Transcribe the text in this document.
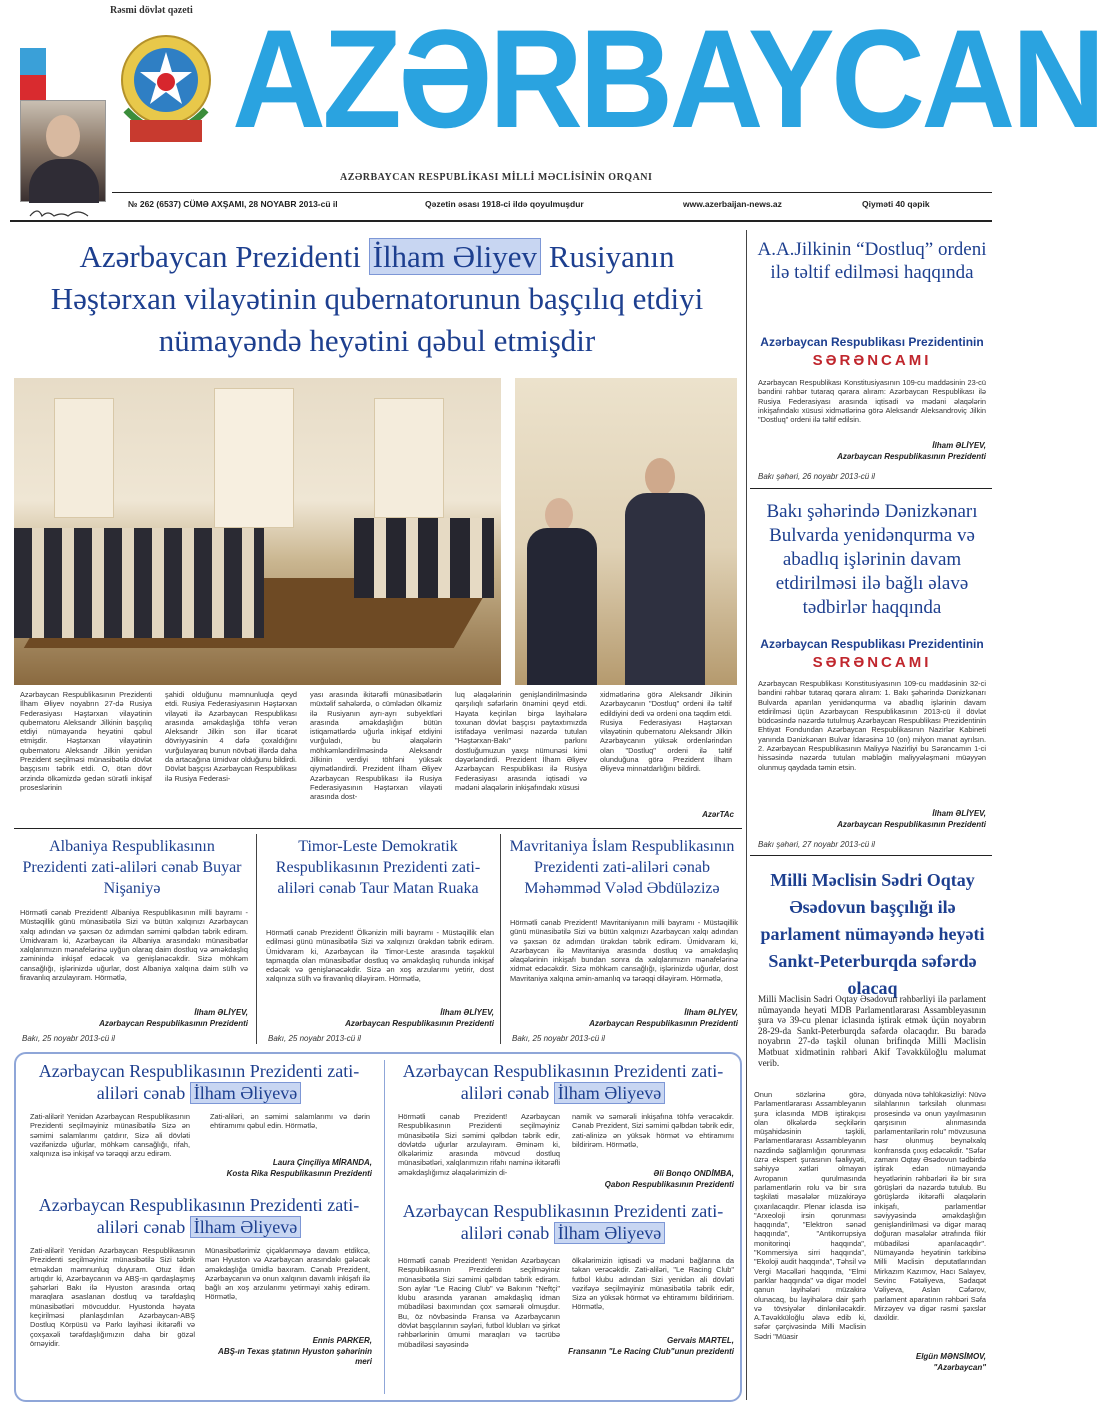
Rəsmi dövlət qəzeti AZƏRBAYCAN
AZƏRBAYCAN RESPUBLİKASI MİLLİ MƏCLİSİNİN ORQANI
№ 262 (6537) CÜMƏ AXŞAMI, 28 NOYABR 2013-cü il	Qəzetin əsası 1918-ci ildə qoyulmuşdur	www.azerbaijan-news.az	Qiyməti 40 qəpik
Azərbaycan Prezidenti İlham Əliyev Rusiyanın Həştərxan vilayətinin qubernatorunun başçılıq etdiyi nümayəndə heyətini qəbul etmişdir
Azərbaycan Respublikasının Prezidenti İlham Əliyev noyabrın 27-də Rusiya Federasiyası Həştərxan vilayətinin qubernatoru Aleksandr Jilkinin başçılıq etdiyi nümayəndə heyətini qəbul etmişdir. Həştərxan vilayətinin qubernatoru Aleksandr Jilkin yenidən Prezident seçilməsi münasibətilə dövlət başçısını təbrik etdi. O, ötən dövr ərzində ölkəmizdə gedən sürətli inkişaf proseslərinin
şahidi olduğunu məmnunluqla qeyd etdi. Rusiya Federasiyasının Həştərxan vilayəti ilə Azərbaycan Respublikası arasında əməkdaşlığa töhfə verən Aleksandr Jilkin son illər ticarət dövriyyəsinin 4 dəfə çoxaldığını vurğulayaraq bunun növbəti illərdə daha da artacağına ümidvar olduğunu bildirdi. Dövlət başçısı Azərbaycan Respublikası ilə Rusiya Federasi-
yası arasında ikitərəfli münasibətlərin müxtəlif sahələrdə, o cümlədən ölkəmiz ilə Rusiyanın ayrı-ayrı subyektləri arasında əməkdaşlığın bütün istiqamətlərdə uğurla inkişaf etdiyini vurğuladı, bu əlaqələrin möhkəmləndirilməsində Aleksandr Jilkinin verdiyi töhfəni yüksək qiymətləndirdi. Prezident İlham Əliyev Azərbaycan Respublikası ilə Rusiya Federasiyasının Həştərxan vilayəti arasında dost-
luq əlaqələrinin genişləndirilməsində qarşılıqlı səfərlərin önəmini qeyd etdi. Həyata keçirilən birgə layihələrə toxunan dövlət başçısı paytaxtımızda istifadəyə verilməsi nəzərdə tutulan "Həştərxan-Bakı" parkını dostluğumuzun yaxşı nümunəsi kimi dəyərləndirdi. Prezident İlham Əliyev Azərbaycan Respublikası ilə Rusiya Federasiyası arasında iqtisadi və mədəni əlaqələrin inkişafındakı xüsusi
xidmətlərinə görə Aleksandr Jilkinin Azərbaycanın "Dostluq" ordeni ilə təltif edildiyini dedi və ordeni ona təqdim etdi. Rusiya Federasiyası Həştərxan vilayətinin qubernatoru Aleksandr Jilkin Azərbaycanın yüksək ordenlərindən olan "Dostluq" ordeni ilə təltif olunduğuna görə Prezident İlham Əliyevə minnətdarlığını bildirdi.
AzərTAc
A.A.Jilkinin “Dostluq” ordeni ilə təltif edilməsi haqqında
Azərbaycan Respublikası Prezidentinin
SƏRƏNCAMI
Azərbaycan Respublikası Konstitusiyasının 109-cu maddəsinin 23-cü bəndini rəhbər tutaraq qərara alıram: Azərbaycan Respublikası ilə Rusiya Federasiyası arasında iqtisadi və mədəni əlaqələrin inkişafındakı xüsusi xidmətlərinə görə Aleksandr Aleksandroviç Jilkin "Dostluq" ordeni ilə təltif edilsin.
İlham ƏLİYEV,
Azərbaycan Respublikasının Prezidenti
Bakı şəhəri, 26 noyabr 2013-cü il
Bakı şəhərində Dənizkənarı Bulvarda yenidənqurma və abadlıq işlərinin davam etdirilməsi ilə bağlı əlavə tədbirlər haqqında
Azərbaycan Respublikası Prezidentinin
SƏRƏNCAMI
Azərbaycan Respublikası Konstitusiyasının 109-cu maddəsinin 32-ci bəndini rəhbər tutaraq qərara alıram: 1. Bakı şəhərində Dənizkənarı Bulvarda aparılan yenidənqurma və abadlıq işlərinin davam etdirilməsi üçün Azərbaycan Respublikasının 2013-cü il dövlət büdcəsində nəzərdə tutulmuş Azərbaycan Respublikası Prezidentinin Ehtiyat Fondundan Azərbaycan Respublikasının Nazirlər Kabineti yanında Dənizkənarı Bulvar İdarəsinə 10 (on) milyon manat ayrılsın. 2. Azərbaycan Respublikasının Maliyyə Nazirliyi bu Sərəncamın 1-ci hissəsində nəzərdə tutulan məbləğin maliyyələşməni müəyyən olunmuş qaydada təmin etsin.
İlham ƏLİYEV,
Azərbaycan Respublikasının Prezidenti
Bakı şəhəri, 27 noyabr 2013-cü il
Milli Məclisin Sədri Oqtay Əsədovun başçılığı ilə parlament nümayəndə heyəti Sankt-Peterburqda səfərdə olacaq
Milli Məclisin Sədri Oqtay Əsədovun rəhbərliyi ilə parlament nümayəndə heyəti MDB Parlamentlərarası Assambleyasının şura və 39-cu plenar iclasında iştirak etmək üçün noyabrın 28-29-da Sankt-Peterburqda səfərdə olacaqdır. Bu barədə noyabrın 27-də təşkil olunan brifinqdə Milli Məclisin Mətbuat xidmətinin rəhbəri Akif Təvəkküloğlu məlumat verib.
Onun sözlərinə görə, Parlamentlərarası Assambleyanın şura iclasında MDB iştirakçısı olan ölkələrdə seçkilərin müşahidəsinin təşkili, Parlamentlərarası Assambleyanın nəzdində sağlamlığın qorunması üzrə ekspert şurasının fəaliyyəti, səhiyyə xətləri olmayan Avropanın qurulmasında parlamentlərin rolu və bir sıra təşkilati məsələlər müzakirəyə çıxarılacaqdır. Plenar iclasda isə "Arxeoloji irsin qorunması haqqında", "Elektron sənəd haqqında", "Antikorrupsiya monitorinqi haqqında", "Kommersiya sirri haqqında", "Ekoloji audit haqqında", Təhsil və Vergi Məcəlləri haqqında, "Elmi parklar haqqında" və digər model qanun layihələri müzakirə olunacaq, bu layihələrə dair şərh və tövsiyələr dinləniləcəkdir. A.Təvəkküloğlu əlavə edib ki, səfər çərçivəsində Milli Məclisin Sədri "Müasir
dünyada nüvə təhlükəsizliyi: Nüvə silahlarının tərksilah olunması prosesində və onun yayılmasının qarşısının alınmasında parlamentarilərin rolu" mövzusuna həsr olunmuş beynəlxalq konfransda çıxış edəcəkdir. "Səfər zamanı Oqtay Əsədovun tədbirdə iştirak edən nümayəndə heyətlərinin rəhbərləri ilə bir sıra görüşləri də nəzərdə tutulub. Bu görüşlərdə ikitərəfli əlaqələrin inkişafı, parlamentlər səviyyəsində əməkdaşlığın genişləndirilməsi və digər maraq doğuran məsələlər ətrafında fikir mübadiləsi aparılacaqdır". Nümayəndə heyətinin tərkibinə Milli Məclisin deputatlarından Mirkazım Kazımov, Hacı Salayev, Sevinc Fətəliyeva, Sədaqət Vəliyeva, Aslan Cəfərov, parlament aparatının rəhbəri Səfa Mirzəyev və digər rəsmi şəxslər daxildir.
Elgün MƏNSİMOV,
"Azərbaycan"
Albaniya Respublikasının Prezidenti zati-aliləri cənab Buyar Nişaniyə
Hörmətli cənab Prezident! Albaniya Respublikasının milli bayramı - Müstəqillik günü münasibətilə Sizi və bütün xalqınızı Azərbaycan xalqı adından və şəxsən öz adımdan səmimi qəlbdən təbrik edirəm. Ümidvaram ki, Azərbaycan ilə Albaniya arasındakı münasibətlər xalqlarımızın mənafelərinə uyğun olaraq daim dostluq və əməkdaşlıq zəminində inkişaf edəcək və genişlənəcəkdir. Sizə möhkəm cansağlığı, işlərinizdə uğurlar, dost Albaniya xalqına daim sülh və firavanlıq arzulayıram. Hörmətlə,
İlham ƏLİYEV,
Azərbaycan Respublikasının Prezidenti
Bakı, 25 noyabr 2013-cü il
Timor-Leste Demokratik Respublikasının Prezidenti zati-aliləri cənab Taur Matan Ruaka
Hörmətli cənab Prezident! Ölkənizin milli bayramı - Müstəqillik elan edilməsi günü münasibətilə Sizi və xalqınızı ürəkdən təbrik edirəm. Ümidvaram ki, Azərbaycan ilə Timor-Leste arasında təşəkkül tapmaqda olan münasibətlər dostluq və əməkdaşlıq ruhunda inkişaf edəcək və genişlənəcəkdir. Sizə ən xoş arzularımı yetirir, dost xalqınıza sülh və firavanlıq diləyirəm. Hörmətlə,
İlham ƏLİYEV,
Azərbaycan Respublikasının Prezidenti
Bakı, 25 noyabr 2013-cü il
Mavritaniya İslam Respublikasının Prezidenti zati-aliləri cənab Məhəmməd Vələd Əbdüləzizə
Hörmətli cənab Prezident! Mavritaniyanın milli bayramı - Müstəqillik günü münasibətilə Sizi və bütün xalqınızı Azərbaycan xalqı adından və şəxsən öz adımdan ürəkdən təbrik edirəm. Ümidvaram ki, Azərbaycan ilə Mavritaniya arasında dostluq və əməkdaşlıq əlaqələrinin inkişafı bundan sonra da xalqlarımızın mənafelərinə xidmət edəcəkdir. Sizə möhkəm cansağlığı, işlərinizdə uğurlar, dost Mavritaniya xalqına əmin-amanlıq və tərəqqi diləyirəm. Hörmətlə,
İlham ƏLİYEV,
Azərbaycan Respublikasının Prezidenti
Bakı, 25 noyabr 2013-cü il
Azərbaycan Respublikasının Prezidenti zati-aliləri cənab İlham Əliyevə
Zati-aliləri! Yenidən Azərbaycan Respublikasının Prezidenti seçilməyiniz münasibətilə Sizə ən səmimi salamlarımı çatdırır, Sizə ali dövləti vəzifənizdə uğurlar, möhkəm cansağlığı, rifah, xalqınıza isə inkişaf və tərəqqi arzu edirəm.
Zati-aliləri, ən səmimi salamlarımı və dərin ehtiramımı qəbul edin. Hörmətlə,
Laura Çinçiliya MİRANDA,
Kosta Rika Respublikasının Prezidenti
Azərbaycan Respublikasının Prezidenti zati-aliləri cənab İlham Əliyevə
Hörmətli cənab Prezident! Azərbaycan Respublikasının Prezidenti seçilməyiniz münasibətilə Sizi səmimi qəlbdən təbrik edir, dövlətdə uğurlar arzulayıram. Əminəm ki, ölkələrimiz arasında mövcud dostluq münasibətləri, xalqlarımızın rifahı naminə ikitərəfli əməkdaşlığımız əlaqələrimizin di-
namik və səmərəli inkişafına töhfə verəcəkdir. Cənab Prezident, Sizi səmimi qəlbdən təbrik edir, zati-alinizə ən yüksək hörmət və ehtiramımı bildirirəm. Hörmətlə,
Əli Bonqo ONDİMBA,
Qabon Respublikasının Prezidenti
Azərbaycan Respublikasının Prezidenti zati-aliləri cənab İlham Əliyevə
Zati-aliləri! Yenidən Azərbaycan Respublikasının Prezidenti seçilməyiniz münasibətilə Sizi təbrik etməkdən məmnunluq duyuram. Otuz ildən artıqdır ki, Azərbaycanın və ABŞ-ın qardaşlaşmış şəhərləri Bakı ilə Hyuston arasında ortaq maraqlara əsaslanan dostluq və tərəfdaşlıq münasibətləri mövcuddur. Hyustonda həyata keçirilməsi planlaşdırılan Azərbaycan-ABŞ Dostluq Körpüsü və Parkı layihəsi ikitərəfli və çoxşaxəli tərəfdaşlığımızın daha bir gözəl örnəyidir.
Münasibətlərimiz çiçəklənməyə davam etdikcə, mən Hyuston və Azərbaycan arasındakı gələcək əməkdaşlığa ümidlə baxıram. Cənab Prezident, Azərbaycanın və onun xalqının davamlı inkişafı ilə bağlı ən xoş arzularımı yetirməyi xahiş edirəm. Hörmətlə,
Ennis PARKER,
ABŞ-ın Texas ştatının Hyuston şəhərinin meri
Azərbaycan Respublikasının Prezidenti zati-aliləri cənab İlham Əliyevə
Hörmətli cənab Prezident! Yenidən Azərbaycan Respublikasının Prezidenti seçilməyiniz münasibətilə Sizi səmimi qəlbdən təbrik edirəm. Son aylar "Le Racing Club" və Bakının "Neftçi" klubu arasında yaranan əməkdaşlıq idman mübadiləsi baxımından çox səmərəli olmuşdur. Bu, öz növbəsində Fransa və Azərbaycanın dövlət başçılarının səyləri, futbol klubları və şirkət rəhbərlərinin ümumi maraqları və təcrübə mübadiləsi sayəsində
ölkələrimizin iqtisadi və mədəni bağlarına da təkan verəcəkdir. Zati-aliləri, "Le Racing Club" futbol klubu adından Sizi yenidən ali dövləti vəzifəyə seçilməyiniz münasibətilə təbrik edir, Sizə ən yüksək hörmət və ehtiramımı bildiririəm. Hörmətlə,
Gervais MARTEL,
Fransanın "Le Racing Club"unun prezidenti
